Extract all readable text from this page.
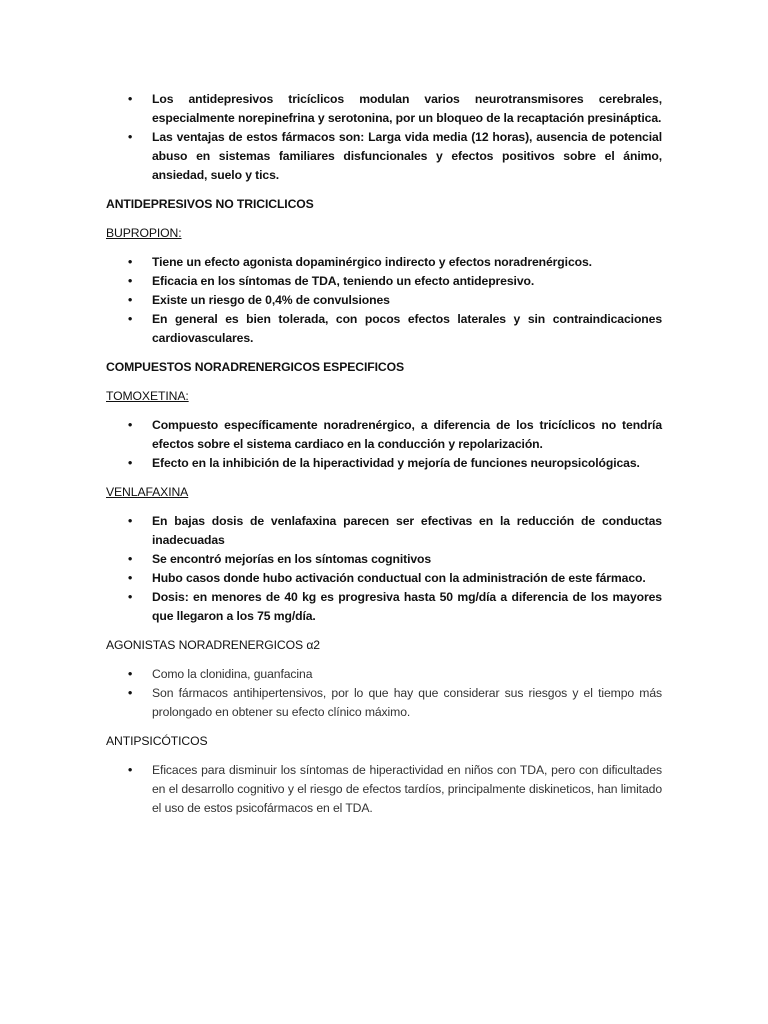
• Los antidepresivos tricíclicos modulan varios neurotransmisores cerebrales, especialmente norepinefrina y serotonina, por un bloqueo de la recaptación presináptica.
• Las ventajas de estos fármacos son: Larga vida media (12 horas), ausencia de potencial abuso en sistemas familiares disfuncionales y efectos positivos sobre el ánimo, ansiedad, suelo y tics.

ANTIDEPRESIVOS NO TRICICLICOS

BUPROPION:

• Tiene un efecto agonista dopaminérgico indirecto y efectos noradrenérgicos.
• Eficacia en los síntomas de TDA, teniendo un efecto antidepresivo.
• Existe un riesgo de 0,4% de convulsiones
• En general es bien tolerada, con pocos efectos laterales y sin contraindicaciones cardiovasculares.

COMPUESTOS NORADRENERGICOS ESPECIFICOS

TOMOXETINA:

• Compuesto específicamente noradrenérgico, a diferencia de los tricíclicos no tendría efectos sobre el sistema cardiaco en la conducción y repolarización.
• Efecto en la inhibición de la hiperactividad y mejoría de funciones neuropsicológicas.

VENLAFAXINA

• En bajas dosis de venlafaxina parecen ser efectivas en la reducción de conductas inadecuadas
• Se encontró mejorías en los síntomas cognitivos
• Hubo casos donde hubo activación conductual con la administración de este fármaco.
• Dosis: en menores de 40 kg es progresiva hasta 50 mg/día a diferencia de los mayores que llegaron a los 75 mg/día.

AGONISTAS NORADRENERGICOS α2

• Como la clonidina, guanfacina
• Son fármacos antihipertensivos, por lo que hay que considerar sus riesgos y el tiempo más prolongado en obtener su efecto clínico máximo.

ANTIPSICÓTICOS

• Eficaces para disminuir los síntomas de hiperactividad en niños con TDA, pero con dificultades en el desarrollo cognitivo y el riesgo de efectos tardíos, principalmente diskineticos, han limitado el uso de estos psicofármacos en el TDA.
